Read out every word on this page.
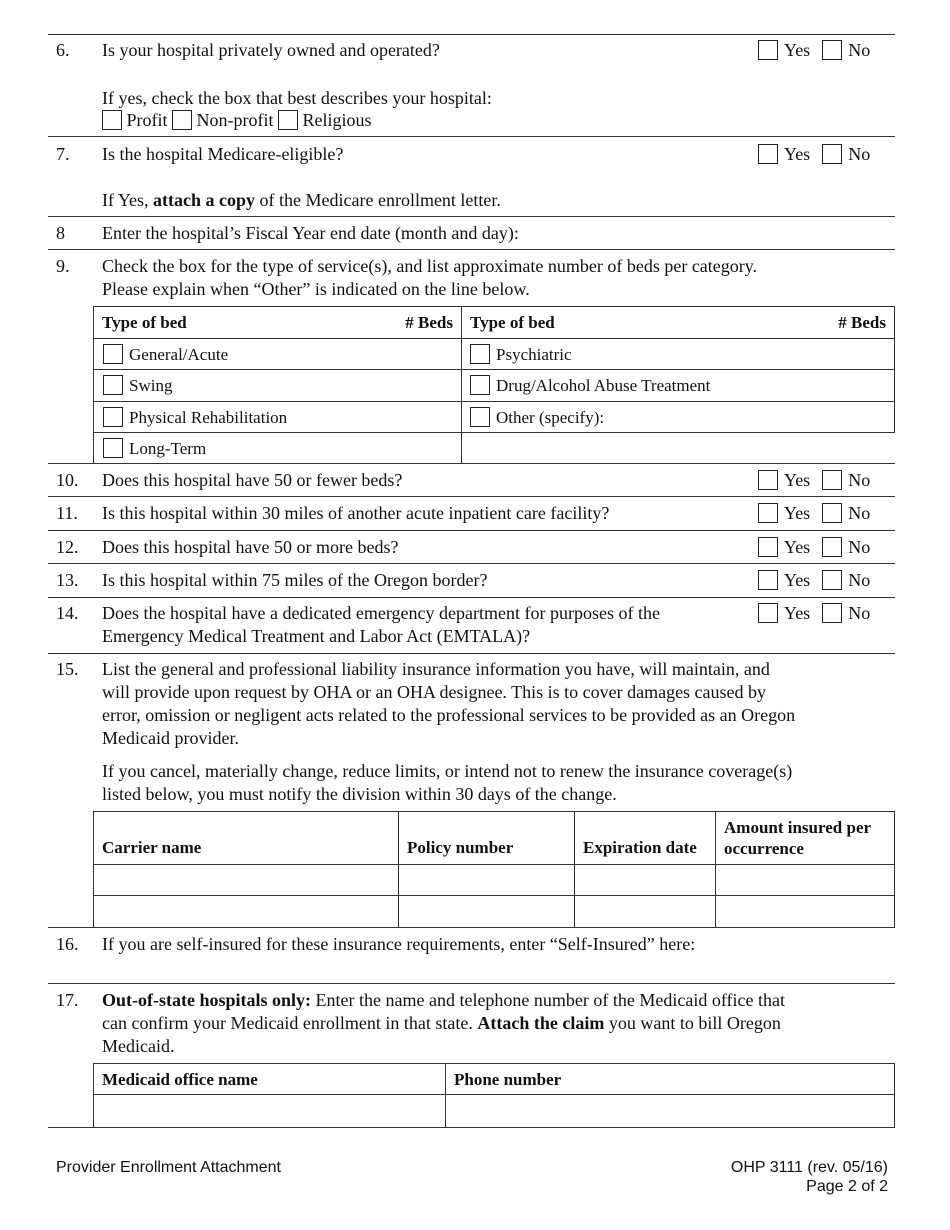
6. Is your hospital privately owned and operated?	Yes No
If yes, check the box that best describes your hospital:
Profit Non-profit Religious
7. Is the hospital Medicare-eligible?	Yes No
If Yes, attach a copy of the Medicare enrollment letter.
8 Enter the hospital’s Fiscal Year end date (month and day):
9. Check the box for the type of service(s), and list approximate number of beds per category.
Please explain when “Other” is indicated on the line below.
Type of bed # Beds	Type of bed # Beds

General/Acute	Psychiatric
Swing	Drug/Alcohol Abuse Treatment
Physical Rehabilitation	Other (specify):
Long-Term	
10. Does this hospital have 50 or fewer beds?	Yes No
11. Is this hospital within 30 miles of another acute inpatient care facility?	Yes No
12. Does this hospital have 50 or more beds?	Yes No
13. Is this hospital within 75 miles of the Oregon border?	Yes No
14. Does the hospital have a dedicated emergency department for purposes of the
Emergency Medical Treatment and Labor Act (EMTALA)?
Yes No
15. List the general and professional liability insurance information you have, will maintain, and
will provide upon request by OHA or an OHA designee. This is to cover damages caused by
error, omission or negligent acts related to the professional services to be provided as an Oregon
Medicaid provider.
If you cancel, materially change, reduce limits, or intend not to renew the insurance coverage(s)
listed below, you must notify the division within 30 days of the change.
Carrier name	Policy number	Expiration date	Amount insured per occurrence

16. If you are self-insured for these insurance requirements, enter “Self-Insured” here:
17. Out-of-state hospitals only: Enter the name and telephone number of the Medicaid office that
can confirm your Medicaid enrollment in that state. Attach the claim you want to bill Oregon
Medicaid.
Medicaid office name	Phone number

Provider Enrollment Attachment	OHP 3111 (rev. 05/16)
Page 2 of 2
